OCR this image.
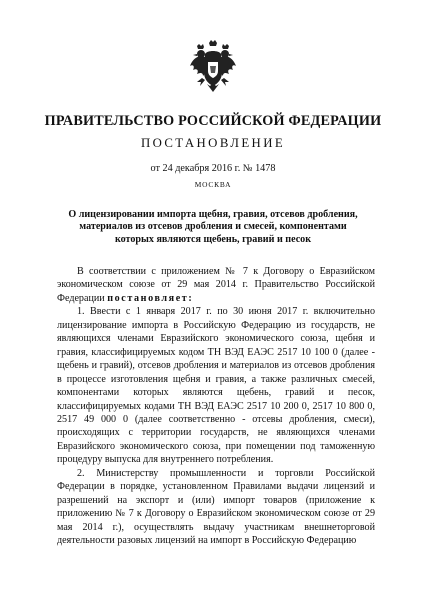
ПРАВИТЕЛЬСТВО РОССИЙСКОЙ ФЕДЕРАЦИИ
ПОСТАНОВЛЕНИЕ
от 24 декабря 2016 г. № 1478
МОСКВА
О лицензировании импорта щебня, гравия, отсевов дробления, материалов из отсевов дробления и смесей, компонентами которых являются щебень, гравий и песок

В соответствии с приложением № 7 к Договору о Евразийском экономическом союзе от 29 мая 2014 г. Правительство Российской Федерации постановляет:

1. Ввести с 1 января 2017 г. по 30 июня 2017 г. включительно лицензирование импорта в Российскую Федерацию из государств, не являющихся членами Евразийского экономического союза, щебня и гравия, классифицируемых кодом ТН ВЭД ЕАЭС 2517 10 100 0 (далее - щебень и гравий), отсевов дробления и материалов из отсевов дробления в процессе изготовления щебня и гравия, а также различных смесей, компонентами которых являются щебень, гравий и песок, классифицируемых кодами ТН ВЭД ЕАЭС 2517 10 200 0, 2517 10 800 0, 2517 49 000 0 (далее соответственно - отсевы дробления, смеси), происходящих с территории государств, не являющихся членами Евразийского экономического союза, при помещении под таможенную процедуру выпуска для внутреннего потребления.

2. Министерству промышленности и торговли Российской Федерации в порядке, установленном Правилами выдачи лицензий и разрешений на экспорт и (или) импорт товаров (приложение к приложению № 7 к Договору о Евразийском экономическом союзе от 29 мая 2014 г.), осуществлять выдачу участникам внешнеторговой деятельности разовых лицензий на импорт в Российскую Федерацию
